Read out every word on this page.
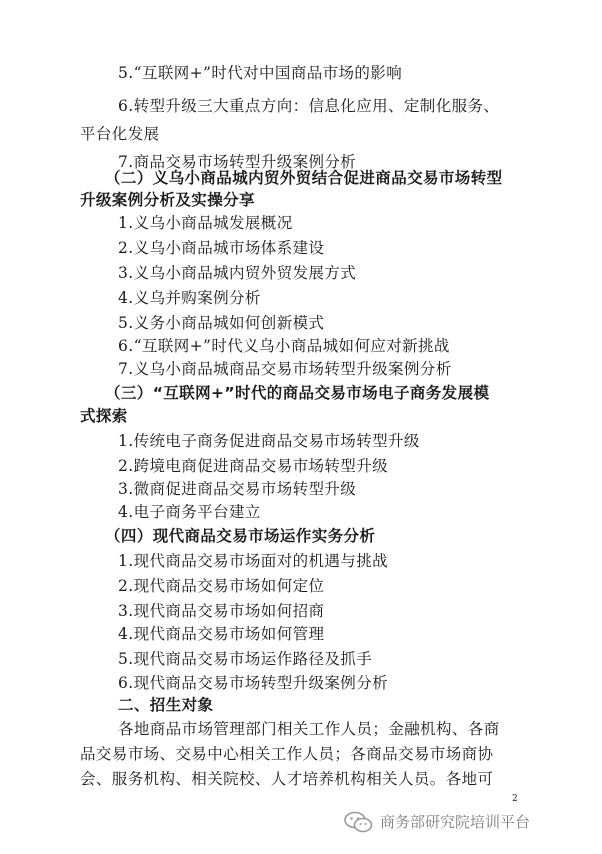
5.“互联网+”时代对中国商品市场的影响
6.转型升级三大重点方向：信息化应用、定制化服务、
平台化发展
7.商品交易市场转型升级案例分析
（二）义乌小商品城内贸外贸结合促进商品交易市场转型
升级案例分析及实操分享
1.义乌小商品城发展概况
2.义乌小商品城市场体系建设
3.义乌小商品城内贸外贸发展方式
4.义乌并购案例分析
5.义务小商品城如何创新模式
6.“互联网+”时代义乌小商品城如何应对新挑战
7.义乌小商品城商品交易市场转型升级案例分析
（三）“互联网+”时代的商品交易市场电子商务发展模
式探索
1.传统电子商务促进商品交易市场转型升级
2.跨境电商促进商品交易市场转型升级
3.微商促进商品交易市场转型升级
4.电子商务平台建立
（四）现代商品交易市场运作实务分析
1.现代商品交易市场面对的机遇与挑战
2.现代商品交易市场如何定位
3.现代商品交易市场如何招商
4.现代商品交易市场如何管理
5.现代商品交易市场运作路径及抓手
6.现代商品交易市场转型升级案例分析
二、招生对象
各地商品市场管理部门相关工作人员；金融机构、各商
品交易市场、交易中心相关工作人员；各商品交易市场商协
会、服务机构、相关院校、人才培养机构相关人员。各地可
2
商务部研究院培训平台
